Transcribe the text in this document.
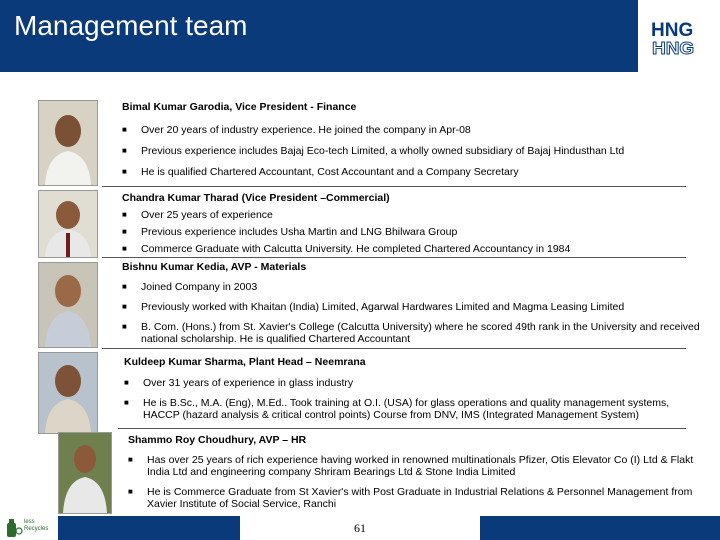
Management team	HNG
HNG
Bimal Kumar Garodia, Vice President - Finance
■ Over 20 years of industry experience. He joined the company in Apr-08
■ Previous experience includes Bajaj Eco-tech Limited, a wholly owned subsidiary of Bajaj Hindusthan Ltd
■ He is qualified Chartered Accountant, Cost Accountant and a Company Secretary
Chandra Kumar Tharad (Vice President –Commercial)
■ Over 25 years of experience
■ Previous experience includes Usha Martin and LNG Bhilwara Group
■ Commerce Graduate with Calcutta University. He completed Chartered Accountancy in 1984
Bishnu Kumar Kedia, AVP - Materials
■ Joined Company in 2003
■ Previously worked with Khaitan (India) Limited, Agarwal Hardwares Limited and Magma Leasing Limited
■ B. Com. (Hons.) from St. Xavier's College (Calcutta University) where he scored 49th rank in the University and received national scholarship. He is qualified Chartered Accountant
Kuldeep Kumar Sharma, Plant Head – Neemrana
■ Over 31 years of experience in glass industry
■ He is B.Sc., M.A. (Eng), M.Ed.. Took training at O.I. (USA) for glass operations and quality management systems, HACCP (hazard analysis & critical control points) Course from DNV, IMS (Integrated Management System)
Shammo Roy Choudhury, AVP – HR
■ Has over 25 years of rich experience having worked in renowned multinationals Pfizer, Otis Elevator Co (I) Ltd & Flakt India Ltd and engineering company Shriram Bearings Ltd & Stone India Limited
■ He is Commerce Graduate from St Xavier's with Post Graduate in Industrial Relations & Personnel Management from Xavier Institute of Social Service, Ranchi
less
Recycles	61
